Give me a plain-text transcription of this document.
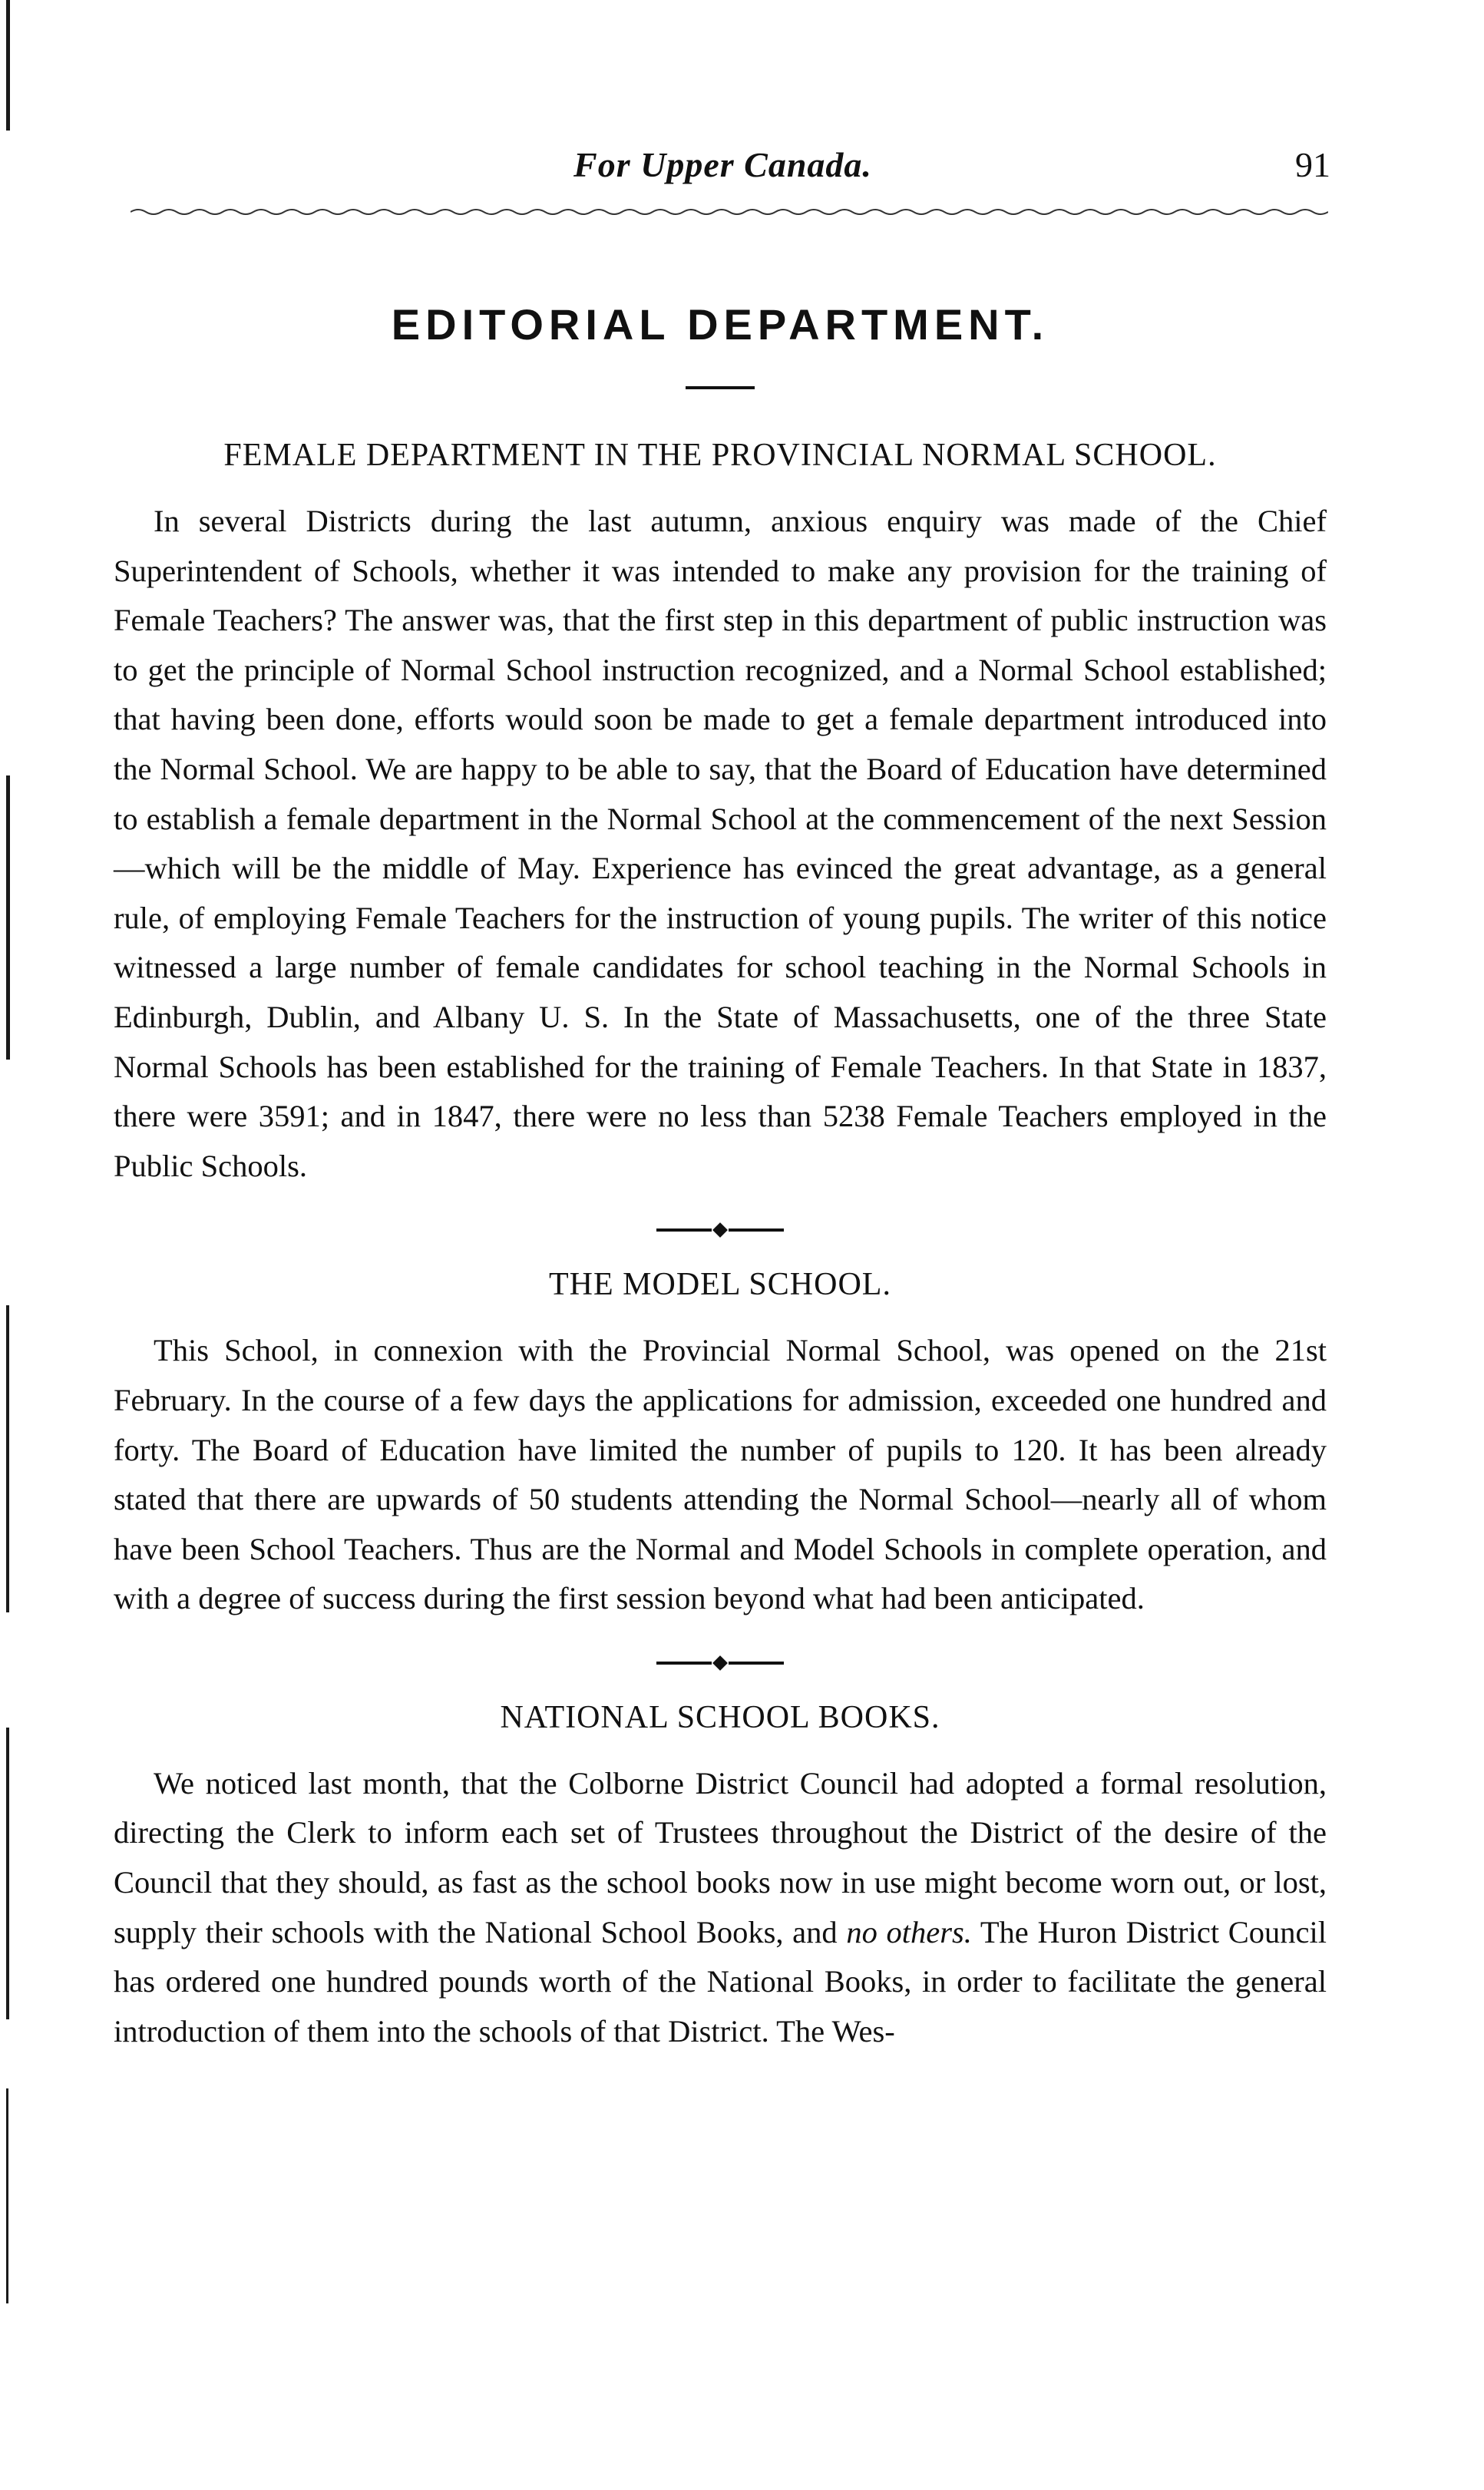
For Upper Canada.	91
EDITORIAL DEPARTMENT.
FEMALE DEPARTMENT IN THE PROVINCIAL NORMAL SCHOOL.

In several Districts during the last autumn, anxious enquiry was made of the Chief Superintendent of Schools, whether it was intended to make any provision for the training of Female Teachers? The answer was, that the first step in this department of public instruction was to get the principle of Normal School instruction recognized, and a Normal School established; that having been done, efforts would soon be made to get a female department introduced into the Normal School. We are happy to be able to say, that the Board of Education have determined to establish a female department in the Normal School at the commencement of the next Session—which will be the middle of May. Experience has evinced the great advantage, as a general rule, of employing Female Teachers for the instruction of young pupils. The writer of this notice witnessed a large number of female candidates for school teaching in the Normal Schools in Edinburgh, Dublin, and Albany U. S. In the State of Massachusetts, one of the three State Normal Schools has been established for the training of Female Teachers. In that State in 1837, there were 3591; and in 1847, there were no less than 5238 Female Teachers employed in the Public Schools.

THE MODEL SCHOOL.

This School, in connexion with the Provincial Normal School, was opened on the 21st February. In the course of a few days the applications for admission, exceeded one hundred and forty. The Board of Education have limited the number of pupils to 120. It has been already stated that there are upwards of 50 students attending the Normal School—nearly all of whom have been School Teachers. Thus are the Normal and Model Schools in complete operation, and with a degree of success during the first session beyond what had been anticipated.

NATIONAL SCHOOL BOOKS.

We noticed last month, that the Colborne District Council had adopted a formal resolution, directing the Clerk to inform each set of Trustees throughout the District of the desire of the Council that they should, as fast as the school books now in use might become worn out, or lost, supply their schools with the National School Books, and no others. The Huron District Council has ordered one hundred pounds worth of the National Books, in order to facilitate the general introduction of them into the schools of that District. The Wes-
